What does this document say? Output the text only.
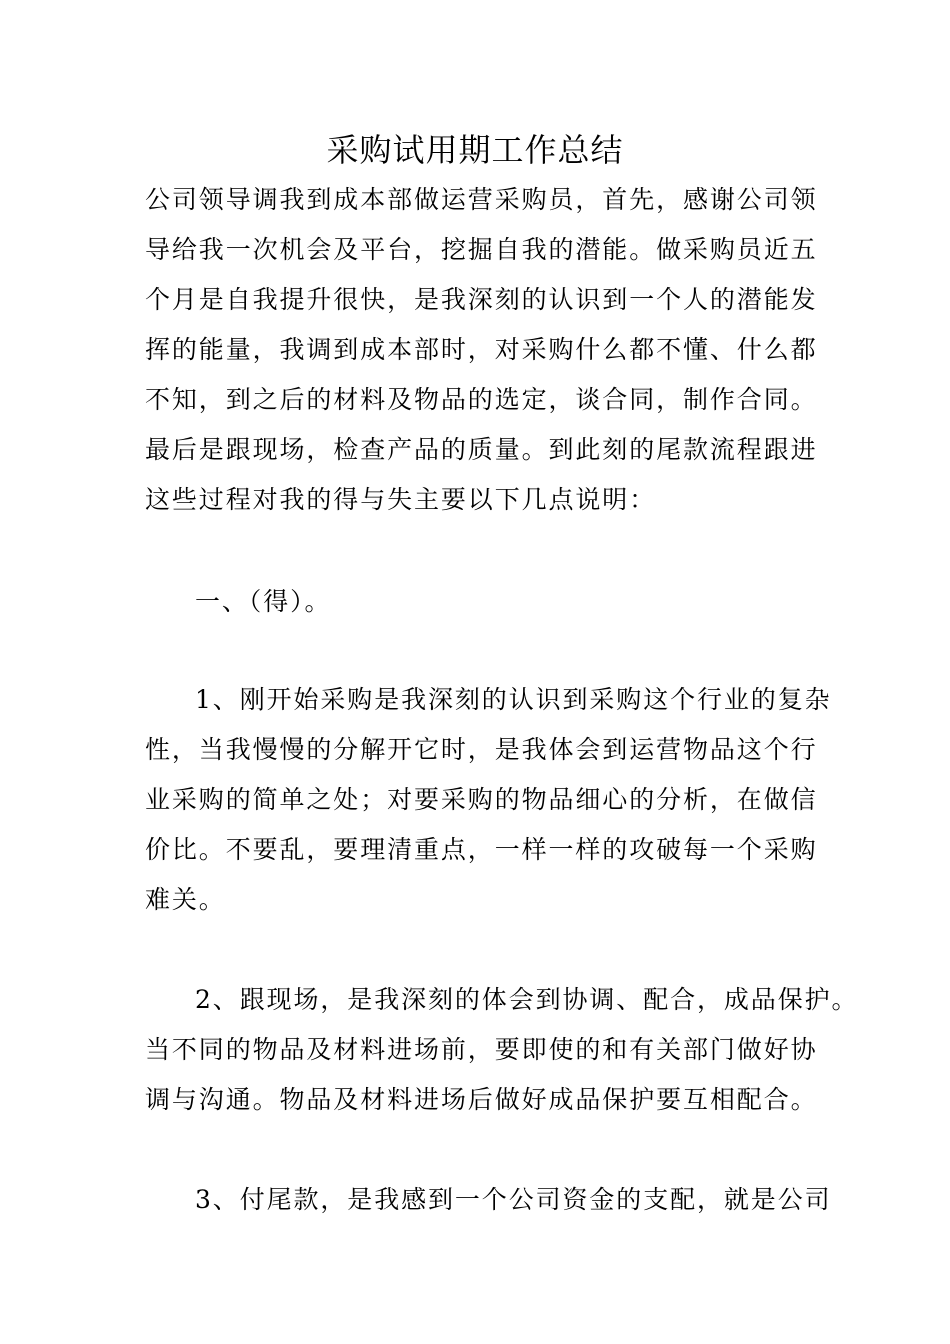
采购试用期工作总结
公司领导调我到成本部做运营采购员，首先，感谢公司领
导给我一次机会及平台，挖掘自我的潜能。做采购员近五
个月是自我提升很快，是我深刻的认识到一个人的潜能发
挥的能量，我调到成本部时，对采购什么都不懂、什么都
不知，到之后的材料及物品的选定，谈合同，制作合同。
最后是跟现场，检查产品的质量。到此刻的尾款流程跟进
这些过程对我的得与失主要以下几点说明：
一、（得）。
1、刚开始采购是我深刻的认识到采购这个行业的复杂
性，当我慢慢的分解开它时，是我体会到运营物品这个行
业采购的简单之处；对要采购的物品细心的分析，在做信
价比。不要乱，要理清重点，一样一样的攻破每一个采购
难关。
2、跟现场，是我深刻的体会到协调、配合，成品保护。
当不同的物品及材料进场前，要即使的和有关部门做好协
调与沟通。物品及材料进场后做好成品保护要互相配合。
3、付尾款，是我感到一个公司资金的支配，就是公司
